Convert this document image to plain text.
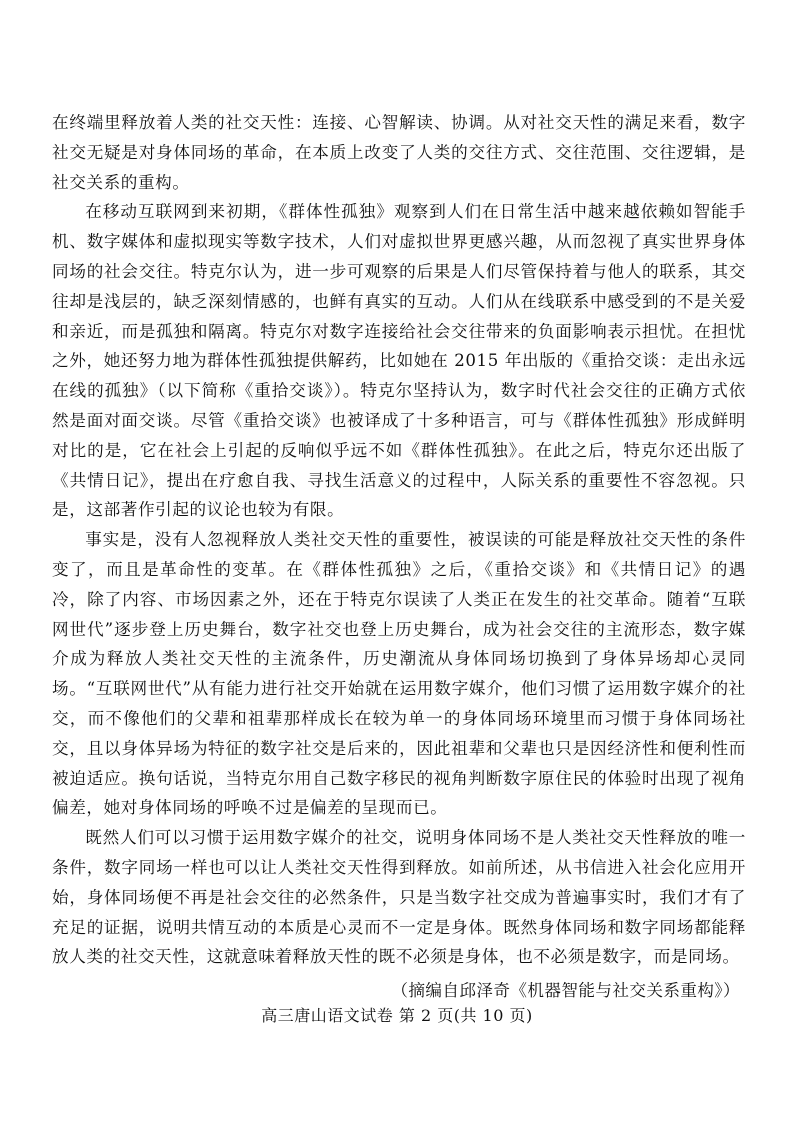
在终端里释放着人类的社交天性：连接、心智解读、协调。从对社交天性的满足来看，数字社交无疑是对身体同场的革命，在本质上改变了人类的交往方式、交往范围、交往逻辑，是社交关系的重构。

在移动互联网到来初期，《群体性孤独》观察到人们在日常生活中越来越依赖如智能手机、数字媒体和虚拟现实等数字技术，人们对虚拟世界更感兴趣，从而忽视了真实世界身体同场的社会交往。特克尔认为，进一步可观察的后果是人们尽管保持着与他人的联系，其交往却是浅层的，缺乏深刻情感的，也鲜有真实的互动。人们从在线联系中感受到的不是关爱和亲近，而是孤独和隔离。特克尔对数字连接给社会交往带来的负面影响表示担忧。在担忧之外，她还努力地为群体性孤独提供解药，比如她在 2015 年出版的《重拾交谈：走出永远在线的孤独》（以下简称《重拾交谈》）。特克尔坚持认为，数字时代社会交往的正确方式依然是面对面交谈。尽管《重拾交谈》也被译成了十多种语言，可与《群体性孤独》形成鲜明对比的是，它在社会上引起的反响似乎远不如《群体性孤独》。在此之后，特克尔还出版了《共情日记》，提出在疗愈自我、寻找生活意义的过程中，人际关系的重要性不容忽视。只是，这部著作引起的议论也较为有限。

事实是，没有人忽视释放人类社交天性的重要性，被误读的可能是释放社交天性的条件变了，而且是革命性的变革。在《群体性孤独》之后，《重拾交谈》和《共情日记》的遇冷，除了内容、市场因素之外，还在于特克尔误读了人类正在发生的社交革命。随着“互联网世代”逐步登上历史舞台，数字社交也登上历史舞台，成为社会交往的主流形态，数字媒介成为释放人类社交天性的主流条件，历史潮流从身体同场切换到了身体异场却心灵同场。“互联网世代”从有能力进行社交开始就在运用数字媒介，他们习惯了运用数字媒介的社交，而不像他们的父辈和祖辈那样成长在较为单一的身体同场环境里而习惯于身体同场社交，且以身体异场为特征的数字社交是后来的，因此祖辈和父辈也只是因经济性和便利性而被迫适应。换句话说，当特克尔用自己数字移民的视角判断数字原住民的体验时出现了视角偏差，她对身体同场的呼唤不过是偏差的呈现而已。

既然人们可以习惯于运用数字媒介的社交，说明身体同场不是人类社交天性释放的唯一条件，数字同场一样也可以让人类社交天性得到释放。如前所述，从书信进入社会化应用开始，身体同场便不再是社会交往的必然条件，只是当数字社交成为普遍事实时，我们才有了充足的证据，说明共情互动的本质是心灵而不一定是身体。既然身体同场和数字同场都能释放人类的社交天性，这就意味着释放天性的既不必须是身体，也不必须是数字，而是同场。

（摘编自邱泽奇《机器智能与社交关系重构》）

高三唐山语文试卷 第 2 页(共 10 页)
